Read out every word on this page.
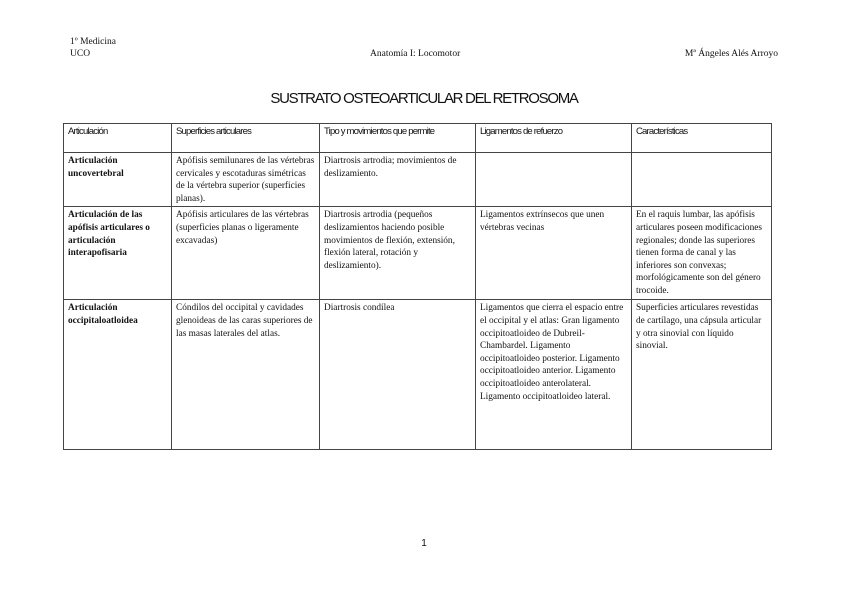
1º Medicina
UCO	Anatomía I: Locomotor	Mª Ángeles Alés Arroyo
SUSTRATO OSTEOARTICULAR DEL RETROSOMA
Articulación	Superficies articulares	Tipo y movimientos que permite	Ligamentos de refuerzo	Características
Articulación uncovertebral	Apófisis semilunares de las vértebras cervicales y escotaduras simétricas de la vértebra superior (superficies planas).	Diartrosis artrodia; movimientos de deslizamiento.		
Articulación de las apófisis articulares o articulación interapofisaria	Apófisis articulares de las vértebras (superficies planas o ligeramente excavadas)	Diartrosis artrodia (pequeños deslizamientos haciendo posible movimientos de flexión, extensión, flexión lateral, rotación y deslizamiento).	Ligamentos extrínsecos que unen vértebras vecinas	En el raquis lumbar, las apófisis articulares poseen modificaciones regionales; donde las superiores tienen forma de canal y las inferiores son convexas; morfológicamente son del género trocoide.
Articulación occipitaloatloidea	Cóndilos del occipital y cavidades glenoideas de las caras superiores de las masas laterales del atlas.	Diartrosis condílea	Ligamentos que cierra el espacio entre el occipital y el atlas: Gran ligamento occipitoatloideo de Dubreil-Chambardel. Ligamento occipitoatloideo posterior. Ligamento occipitoatloideo anterior. Ligamento occipitoatloideo anterolateral. Ligamento occipitoatloideo lateral.	Superficies articulares revestidas de cartílago, una cápsula articular y otra sinovial con líquido sinovial.
1
